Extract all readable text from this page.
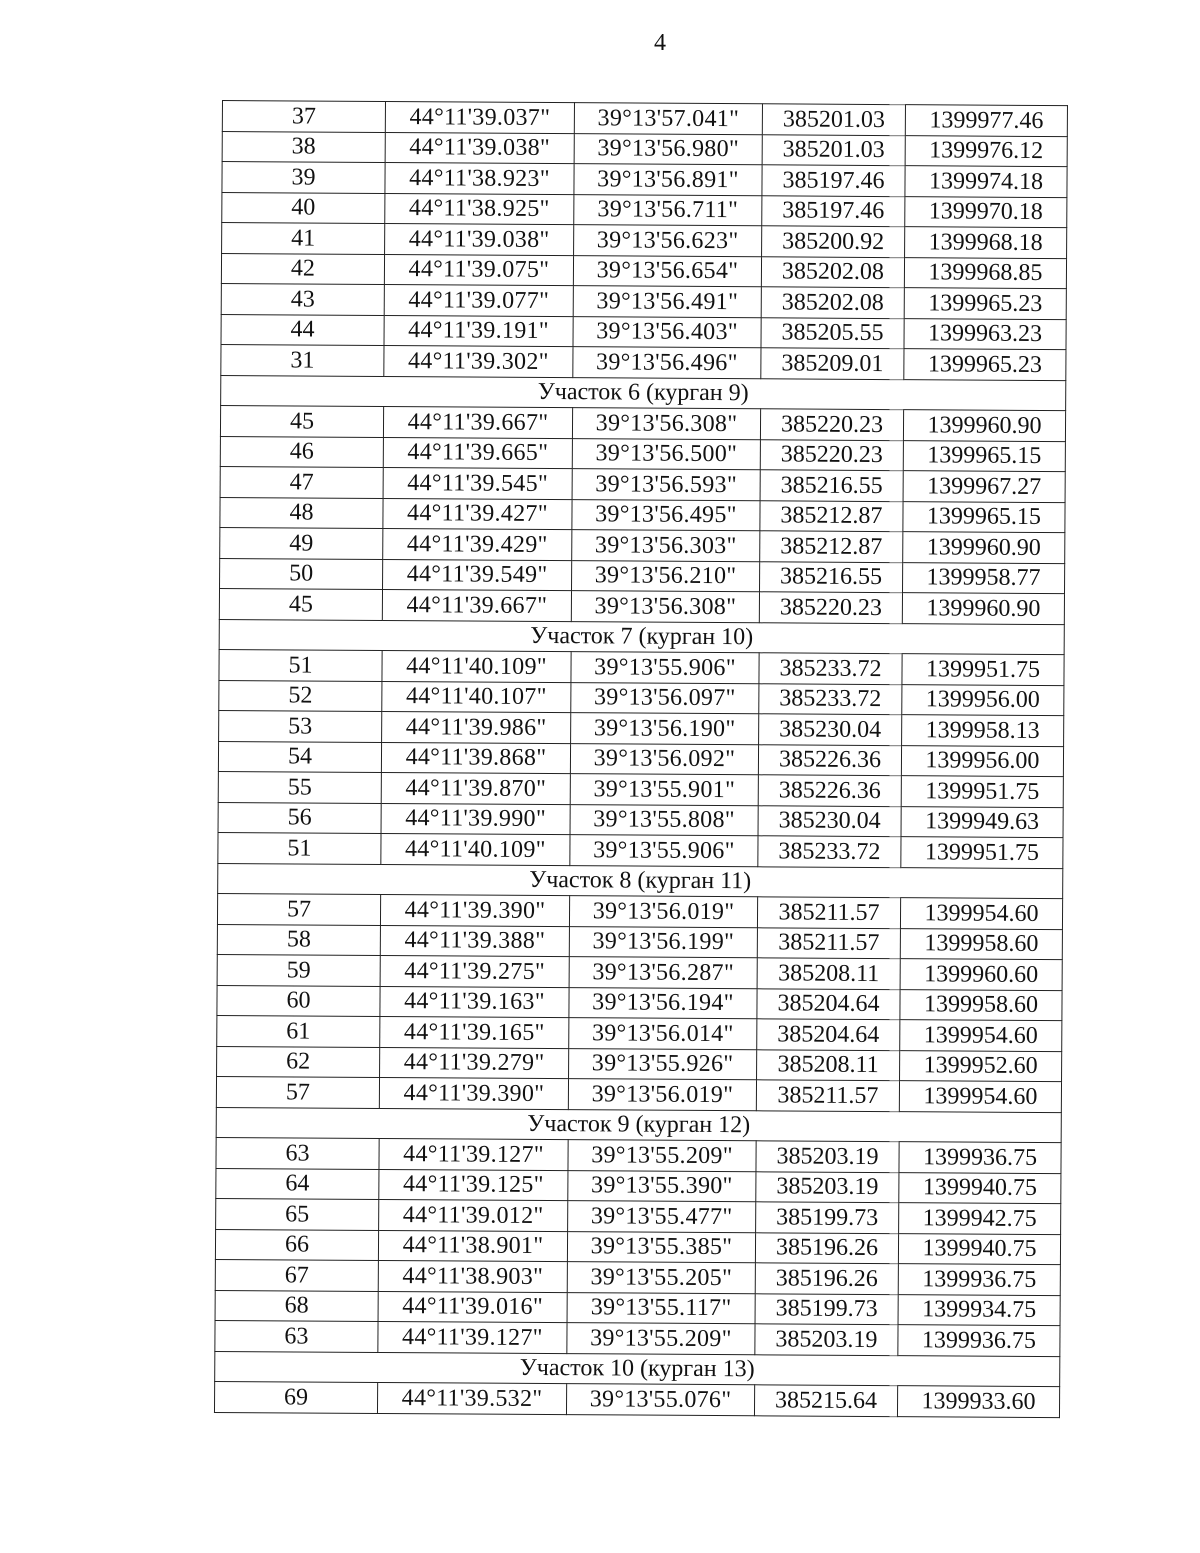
4
37	44°11'39.037"	39°13'57.041"	385201.03	1399977.46
38	44°11'39.038"	39°13'56.980"	385201.03	1399976.12
39	44°11'38.923"	39°13'56.891"	385197.46	1399974.18
40	44°11'38.925"	39°13'56.711"	385197.46	1399970.18
41	44°11'39.038"	39°13'56.623"	385200.92	1399968.18
42	44°11'39.075"	39°13'56.654"	385202.08	1399968.85
43	44°11'39.077"	39°13'56.491"	385202.08	1399965.23
44	44°11'39.191"	39°13'56.403"	385205.55	1399963.23
31	44°11'39.302"	39°13'56.496"	385209.01	1399965.23
Участок 6 (курган 9)				
45	44°11'39.667"	39°13'56.308"	385220.23	1399960.90
46	44°11'39.665"	39°13'56.500"	385220.23	1399965.15
47	44°11'39.545"	39°13'56.593"	385216.55	1399967.27
48	44°11'39.427"	39°13'56.495"	385212.87	1399965.15
49	44°11'39.429"	39°13'56.303"	385212.87	1399960.90
50	44°11'39.549"	39°13'56.210"	385216.55	1399958.77
45	44°11'39.667"	39°13'56.308"	385220.23	1399960.90
Участок 7 (курган 10)				
51	44°11'40.109"	39°13'55.906"	385233.72	1399951.75
52	44°11'40.107"	39°13'56.097"	385233.72	1399956.00
53	44°11'39.986"	39°13'56.190"	385230.04	1399958.13
54	44°11'39.868"	39°13'56.092"	385226.36	1399956.00
55	44°11'39.870"	39°13'55.901"	385226.36	1399951.75
56	44°11'39.990"	39°13'55.808"	385230.04	1399949.63
51	44°11'40.109"	39°13'55.906"	385233.72	1399951.75
Участок 8 (курган 11)				
57	44°11'39.390"	39°13'56.019"	385211.57	1399954.60
58	44°11'39.388"	39°13'56.199"	385211.57	1399958.60
59	44°11'39.275"	39°13'56.287"	385208.11	1399960.60
60	44°11'39.163"	39°13'56.194"	385204.64	1399958.60
61	44°11'39.165"	39°13'56.014"	385204.64	1399954.60
62	44°11'39.279"	39°13'55.926"	385208.11	1399952.60
57	44°11'39.390"	39°13'56.019"	385211.57	1399954.60
Участок 9 (курган 12)				
63	44°11'39.127"	39°13'55.209"	385203.19	1399936.75
64	44°11'39.125"	39°13'55.390"	385203.19	1399940.75
65	44°11'39.012"	39°13'55.477"	385199.73	1399942.75
66	44°11'38.901"	39°13'55.385"	385196.26	1399940.75
67	44°11'38.903"	39°13'55.205"	385196.26	1399936.75
68	44°11'39.016"	39°13'55.117"	385199.73	1399934.75
63	44°11'39.127"	39°13'55.209"	385203.19	1399936.75
Участок 10 (курган 13)				
69	44°11'39.532"	39°13'55.076"	385215.64	1399933.60
